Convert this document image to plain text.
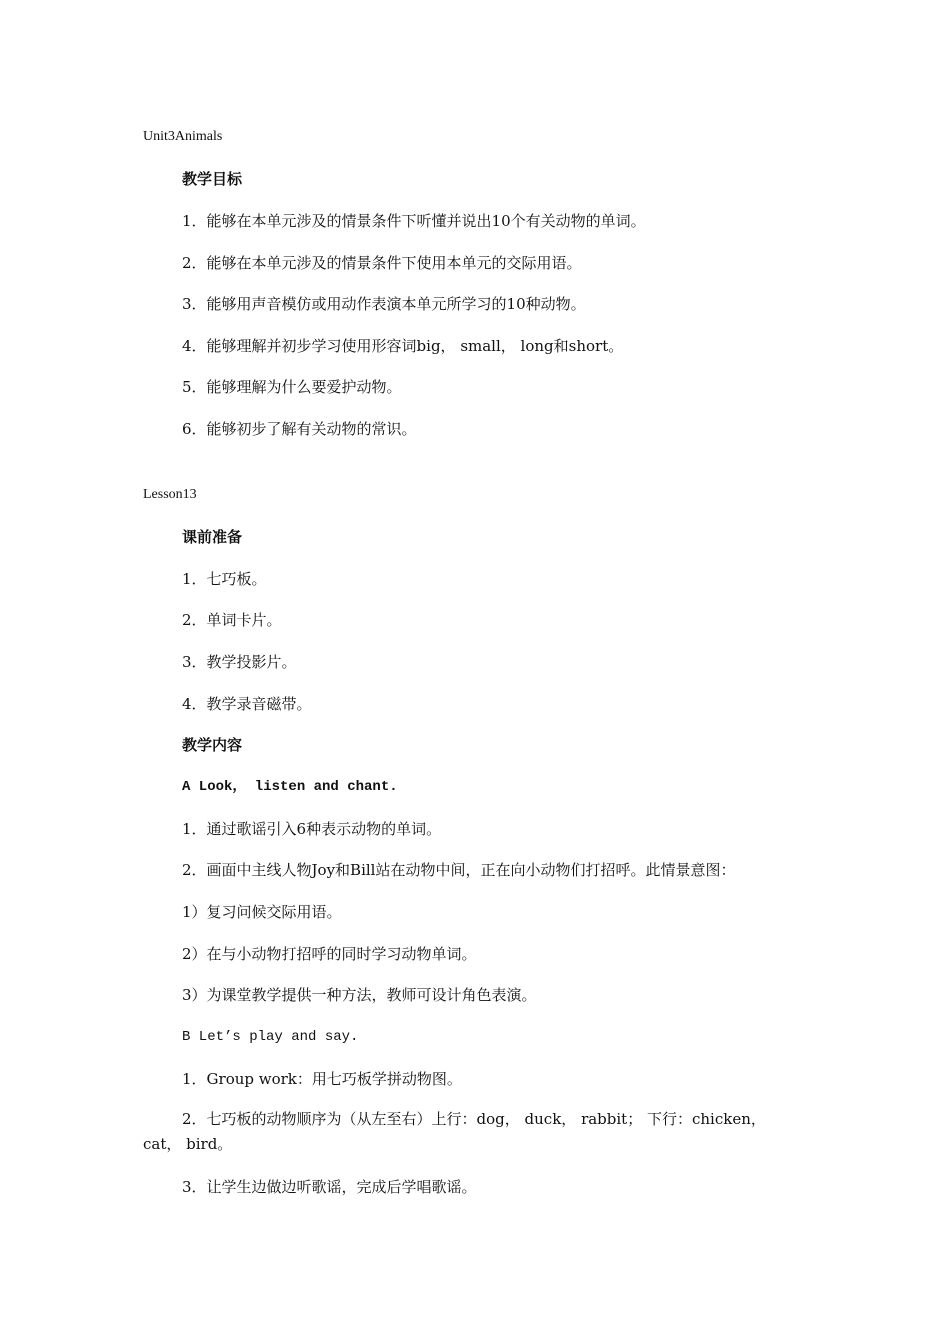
Unit3Animals
教学目标
1．能够在本单元涉及的情景条件下听懂并说出10个有关动物的单词。
2．能够在本单元涉及的情景条件下使用本单元的交际用语。
3．能够用声音模仿或用动作表演本单元所学习的10种动物。
4．能够理解并初步学习使用形容词big， small， long和short。
5．能够理解为什么要爱护动物。
6．能够初步了解有关动物的常识。
Lesson13
课前准备
1．七巧板。
2．单词卡片。
3．教学投影片。
4．教学录音磁带。
教学内容
A Look， listen and chant.
1．通过歌谣引入6种表示动物的单词。
2．画面中主线人物Joy和Bill站在动物中间，正在向小动物们打招呼。此情景意图：
1）复习问候交际用语。
2）在与小动物打招呼的同时学习动物单词。
3）为课堂教学提供一种方法，教师可设计角色表演。
B Let’s play and say.
1．Group work：用七巧板学拼动物图。
2．七巧板的动物顺序为（从左至右）上行：dog， duck， rabbit； 下行：chicken， cat， bird。
3．让学生边做边听歌谣，完成后学唱歌谣。
